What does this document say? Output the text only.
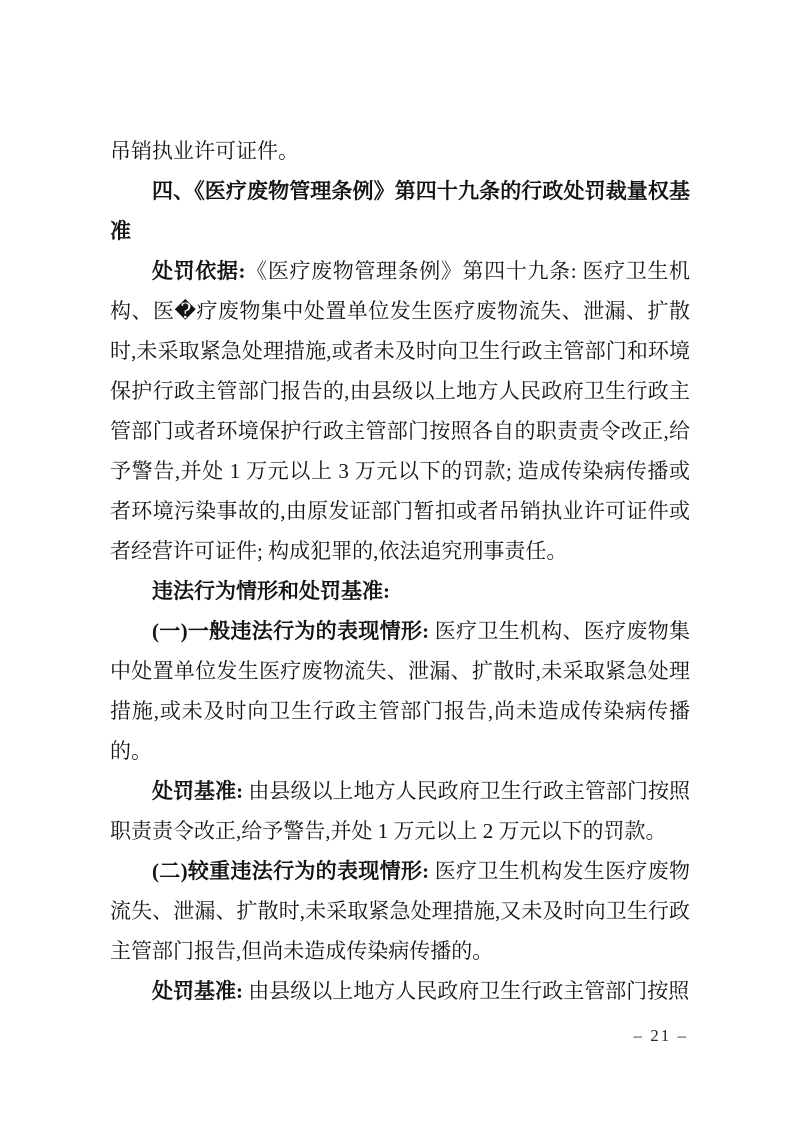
吊销执业许可证件。

四、《医疗废物管理条例》第四十九条的行政处罚裁量权基准

处罚依据:《医疗废物管理条例》第四十九条: 医疗卫生机构、医�疗废物集中处置单位发生医疗废物流失、泄漏、扩散时,未采取紧急处理措施,或者未及时向卫生行政主管部门和环境保护行政主管部门报告的,由县级以上地方人民政府卫生行政主管部门或者环境保护行政主管部门按照各自的职责责令改正,给予警告,并处 1 万元以上 3 万元以下的罚款; 造成传染病传播或者环境污染事故的,由原发证部门暂扣或者吊销执业许可证件或者经营许可证件; 构成犯罪的,依法追究刑事责任。

违法行为情形和处罚基准:

(一)一般违法行为的表现情形: 医疗卫生机构、医疗废物集中处置单位发生医疗废物流失、泄漏、扩散时,未采取紧急处理措施,或未及时向卫生行政主管部门报告,尚未造成传染病传播的。

处罚基准: 由县级以上地方人民政府卫生行政主管部门按照职责责令改正,给予警告,并处 1 万元以上 2 万元以下的罚款。

(二)较重违法行为的表现情形: 医疗卫生机构发生医疗废物流失、泄漏、扩散时,未采取紧急处理措施,又未及时向卫生行政主管部门报告,但尚未造成传染病传播的。

处罚基准: 由县级以上地方人民政府卫生行政主管部门按照

– 21 –
